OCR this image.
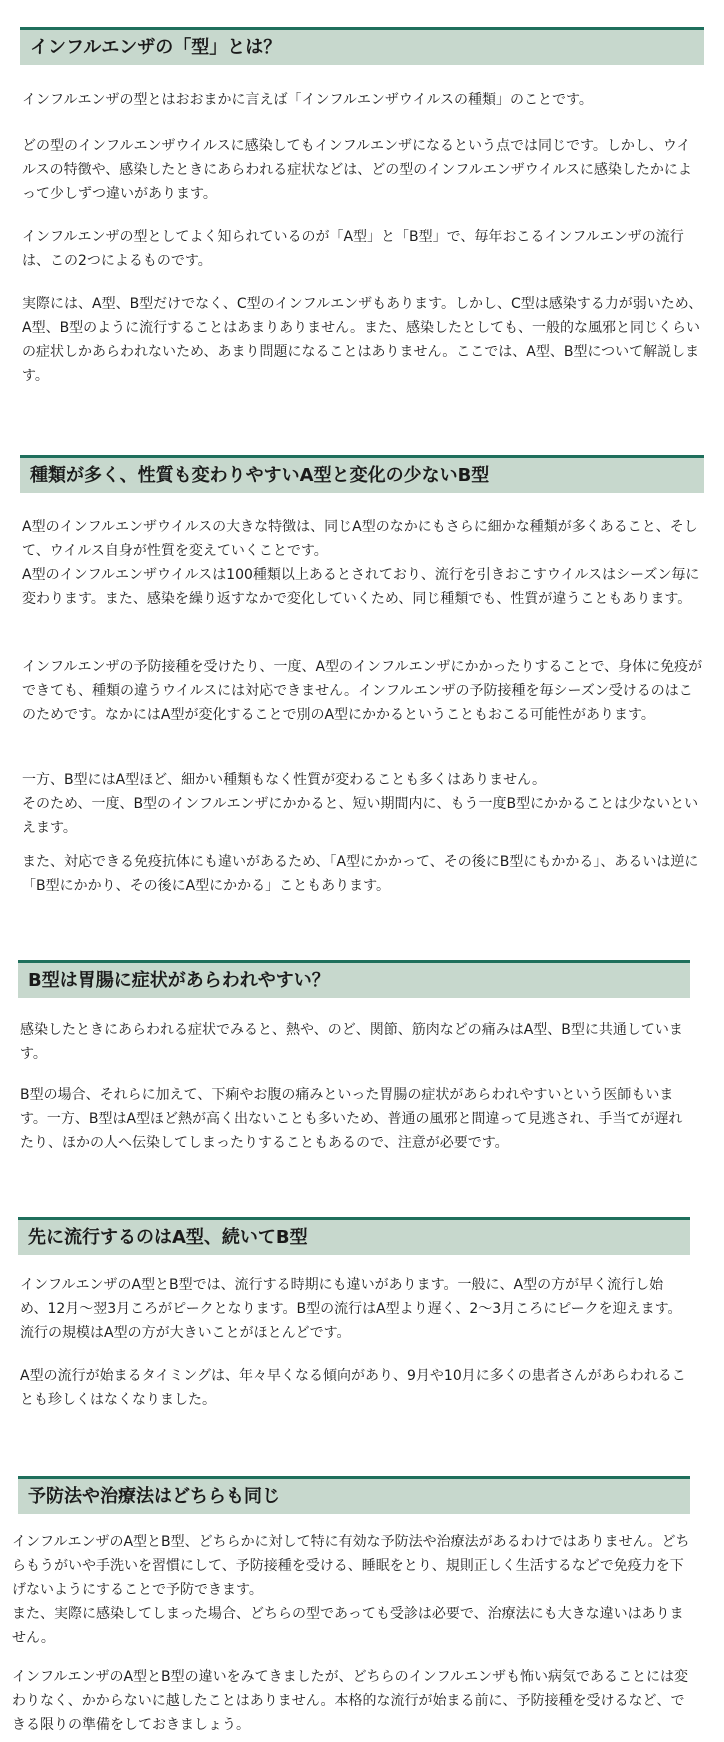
インフルエンザの「型」とは？

インフルエンザの型とはおおまかに言えば「インフルエンザウイルスの種類」のことです。

どの型のインフルエンザウイルスに感染してもインフルエンザになるという点では同じです。しかし、ウイルスの特徴や、感染したときにあらわれる症状などは、どの型のインフルエンザウイルスに感染したかによって少しずつ違いがあります。

インフルエンザの型としてよく知られているのが「A型」と「B型」で、毎年おこるインフルエンザの流行は、この2つによるものです。

実際には、A型、B型だけでなく、C型のインフルエンザもあります。しかし、C型は感染する力が弱いため、A型、B型のように流行することはあまりありません。また、感染したとしても、一般的な風邪と同じくらいの症状しかあらわれないため、あまり問題になることはありません。ここでは、A型、B型について解説します。

種類が多く、性質も変わりやすいA型と変化の少ないB型

A型のインフルエンザウイルスの大きな特徴は、同じA型のなかにもさらに細かな種類が多くあること、そして、ウイルス自身が性質を変えていくことです。

A型のインフルエンザウイルスは100種類以上あるとされており、流行を引きおこすウイルスはシーズン毎に変わります。また、感染を繰り返すなかで変化していくため、同じ種類でも、性質が違うこともあります。

インフルエンザの予防接種を受けたり、一度、A型のインフルエンザにかかったりすることで、身体に免疫ができても、種類の違うウイルスには対応できません。インフルエンザの予防接種を毎シーズン受けるのはこのためです。なかにはA型が変化することで別のA型にかかるということもおこる可能性があります。

一方、B型にはA型ほど、細かい種類もなく性質が変わることも多くはありません。

そのため、一度、B型のインフルエンザにかかると、短い期間内に、もう一度B型にかかることは少ないといえます。

また、対応できる免疫抗体にも違いがあるため、「A型にかかって、その後にB型にもかかる」、あるいは逆に「B型にかかり、その後にA型にかかる」こともあります。

B型は胃腸に症状があらわれやすい？

感染したときにあらわれる症状でみると、熱や、のど、関節、筋肉などの痛みはA型、B型に共通しています。

B型の場合、それらに加えて、下痢やお腹の痛みといった胃腸の症状があらわれやすいという医師もいます。一方、B型はA型ほど熱が高く出ないことも多いため、普通の風邪と間違って見逃され、手当てが遅れたり、ほかの人へ伝染してしまったりすることもあるので、注意が必要です。

先に流行するのはA型、続いてB型

インフルエンザのA型とB型では、流行する時期にも違いがあります。一般に、A型の方が早く流行し始め、12月〜翌3月ころがピークとなります。B型の流行はA型より遅く、2〜3月ころにピークを迎えます。流行の規模はA型の方が大きいことがほとんどです。

A型の流行が始まるタイミングは、年々早くなる傾向があり、9月や10月に多くの患者さんがあらわれることも珍しくはなくなりました。

予防法や治療法はどちらも同じ

インフルエンザのA型とB型、どちらかに対して特に有効な予防法や治療法があるわけではありません。どちらもうがいや手洗いを習慣にして、予防接種を受ける、睡眠をとり、規則正しく生活するなどで免疫力を下げないようにすることで予防できます。

また、実際に感染してしまった場合、どちらの型であっても受診は必要で、治療法にも大きな違いはありません。

インフルエンザのA型とB型の違いをみてきましたが、どちらのインフルエンザも怖い病気であることには変わりなく、かからないに越したことはありません。本格的な流行が始まる前に、予防接種を受けるなど、できる限りの準備をしておきましょう。
